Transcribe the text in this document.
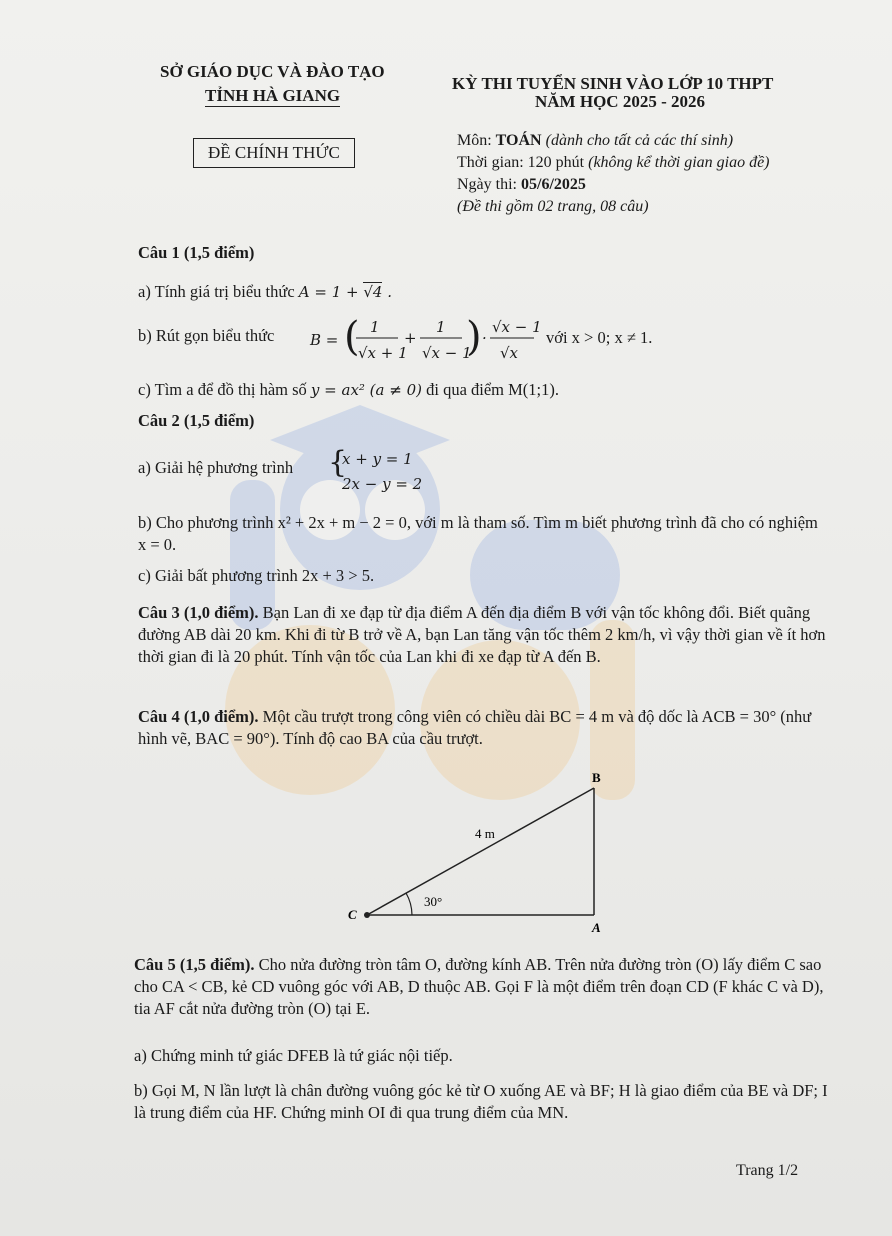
SỞ GIÁO DỤC VÀ ĐÀO TẠO
TỈNH HÀ GIANG
KỲ THI TUYỂN SINH VÀO LỚP 10 THPT
NĂM HỌC 2025 - 2026
ĐỀ CHÍNH THỨC
Môn: TOÁN (dành cho tất cả các thí sinh)
Thời gian: 120 phút (không kể thời gian giao đề)
Ngày thi: 05/6/2025
(Đề thi gồm 02 trang, 08 câu)
Câu 1 (1,5 điểm)
a) Tính giá trị biểu thức A = 1 + √4 .
b) Rút gọn biểu thức B = ( 1
√x + 1
+
1
√x − 1
) ·
√x − 1
√x
với x > 0; x ≠ 1.
c) Tìm a để đồ thị hàm số y = ax² (a ≠ 0) đi qua điểm M(1;1).
Câu 2 (1,5 điểm)
a) Giải hệ phương trình {
x + y = 1
2x − y = 2
b) Cho phương trình x² + 2x + m − 2 = 0, với m là tham số. Tìm m biết phương trình đã cho có nghiệm x = 0.
c) Giải bất phương trình 2x + 3 > 5.
Câu 3 (1,0 điểm). Bạn Lan đi xe đạp từ địa điểm A đến địa điểm B với vận tốc không đổi. Biết quãng đường AB dài 20 km. Khi đi từ B trở về A, bạn Lan tăng vận tốc thêm 2 km/h, vì vậy thời gian về ít hơn thời gian đi là 20 phút. Tính vận tốc của Lan khi đi xe đạp từ A đến B.
Câu 4 (1,0 điểm). Một cầu trượt trong công viên có chiều dài BC = 4 m và độ dốc là ACB = 30° (như hình vẽ, BAC = 90°). Tính độ cao BA của cầu trượt.
B
C
A
4 m
30°
Câu 5 (1,5 điểm). Cho nửa đường tròn tâm O, đường kính AB. Trên nửa đường tròn (O) lấy điểm C sao cho CA < CB, kẻ CD vuông góc với AB, D thuộc AB. Gọi F là một điểm trên đoạn CD (F khác C và D), tia AF cắt nửa đường tròn (O) tại E.
a) Chứng minh tứ giác DFEB là tứ giác nội tiếp.
b) Gọi M, N lần lượt là chân đường vuông góc kẻ từ O xuống AE và BF; H là giao điểm của BE và DF; I là trung điểm của HF. Chứng minh OI đi qua trung điểm của MN.
Trang 1/2
